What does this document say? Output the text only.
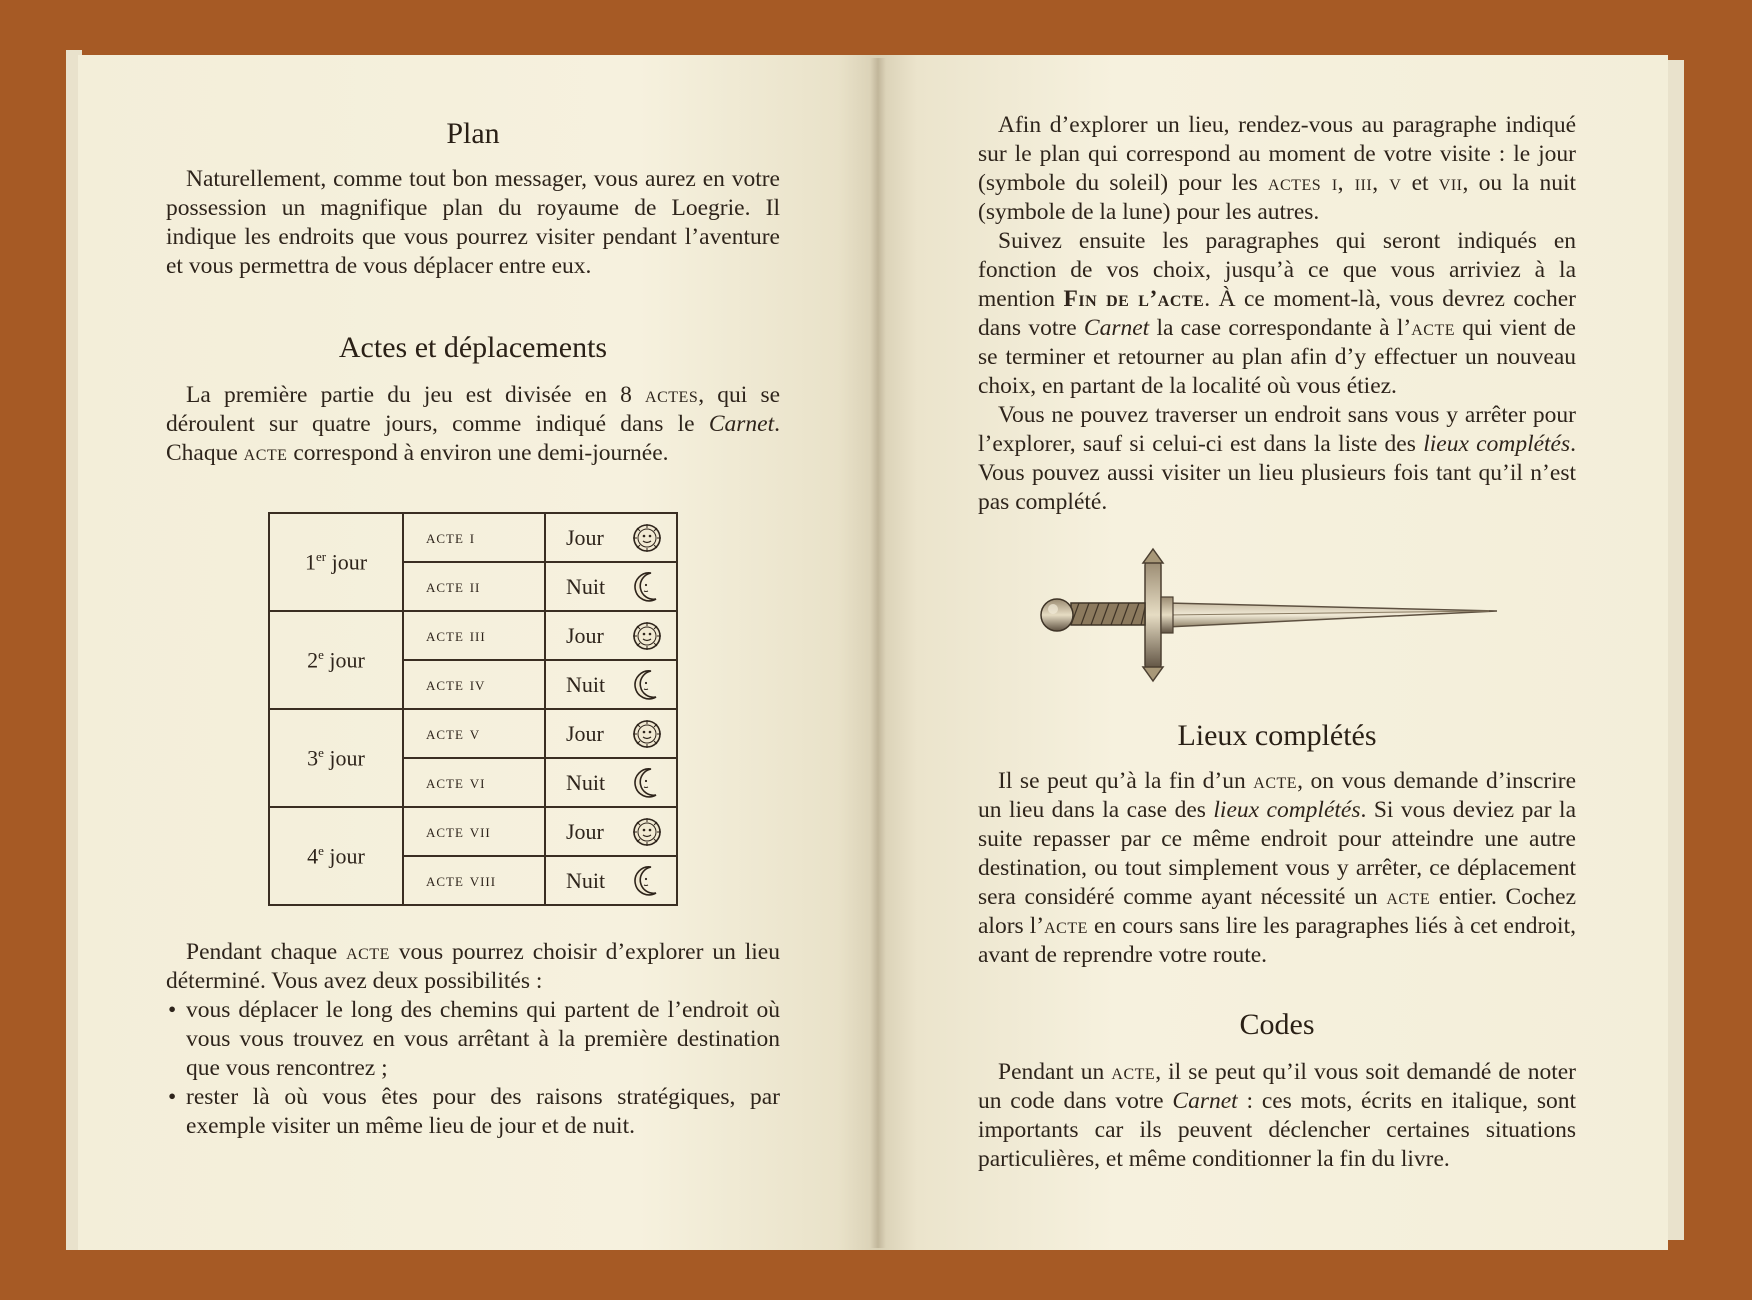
Plan

Naturellement, comme tout bon messager, vous aurez en votre possession un magnifique plan du royaume de Loegrie. Il indique les endroits que vous pourrez visiter pendant l’aventure et vous permettra de vous déplacer entre eux.

Actes et déplacements

La première partie du jeu est divisée en 8 actes, qui se déroulent sur quatre jours, comme indiqué dans le Carnet. Chaque acte correspond à environ une demi-journée.

1er jour	acte i	Jour

	acte ii	Nuit

2e jour	acte iii	Jour

	acte iv	Nuit

3e jour	acte v	Jour

	acte vi	Nuit

4e jour	acte vii	Jour

	acte viii	Nuit

Pendant chaque acte vous pourrez choisir d’explorer un lieu déterminé. Vous avez deux possibilités :

• vous déplacer le long des chemins qui partent de l’endroit où vous vous trouvez en vous arrêtant à la première destination que vous rencontrez ;
• rester là où vous êtes pour des raisons stratégiques, par exemple visiter un même lieu de jour et de nuit.

Afin d’explorer un lieu, rendez-vous au paragraphe indiqué sur le plan qui correspond au moment de votre visite : le jour (symbole du soleil) pour les actes i, iii, v et vii, ou la nuit (symbole de la lune) pour les autres.

Suivez ensuite les paragraphes qui seront indiqués en fonction de vos choix, jusqu’à ce que vous arriviez à la mention Fin de l’acte. À ce moment-là, vous devrez cocher dans votre Carnet la case correspondante à l’acte qui vient de se terminer et retourner au plan afin d’y effectuer un nouveau choix, en partant de la localité où vous étiez.

Vous ne pouvez traverser un endroit sans vous y arrêter pour l’explorer, sauf si celui-ci est dans la liste des lieux complétés. Vous pouvez aussi visiter un lieu plusieurs fois tant qu’il n’est pas complété.

Lieux complétés

Il se peut qu’à la fin d’un acte, on vous demande d’inscrire un lieu dans la case des lieux complétés. Si vous deviez par la suite repasser par ce même endroit pour atteindre une autre destination, ou tout simplement vous y arrêter, ce déplacement sera considéré comme ayant nécessité un acte entier. Cochez alors l’acte en cours sans lire les paragraphes liés à cet endroit, avant de reprendre votre route.

Codes

Pendant un acte, il se peut qu’il vous soit demandé de noter un code dans votre Carnet : ces mots, écrits en italique, sont importants car ils peuvent déclencher certaines situations particulières, et même conditionner la fin du livre.
